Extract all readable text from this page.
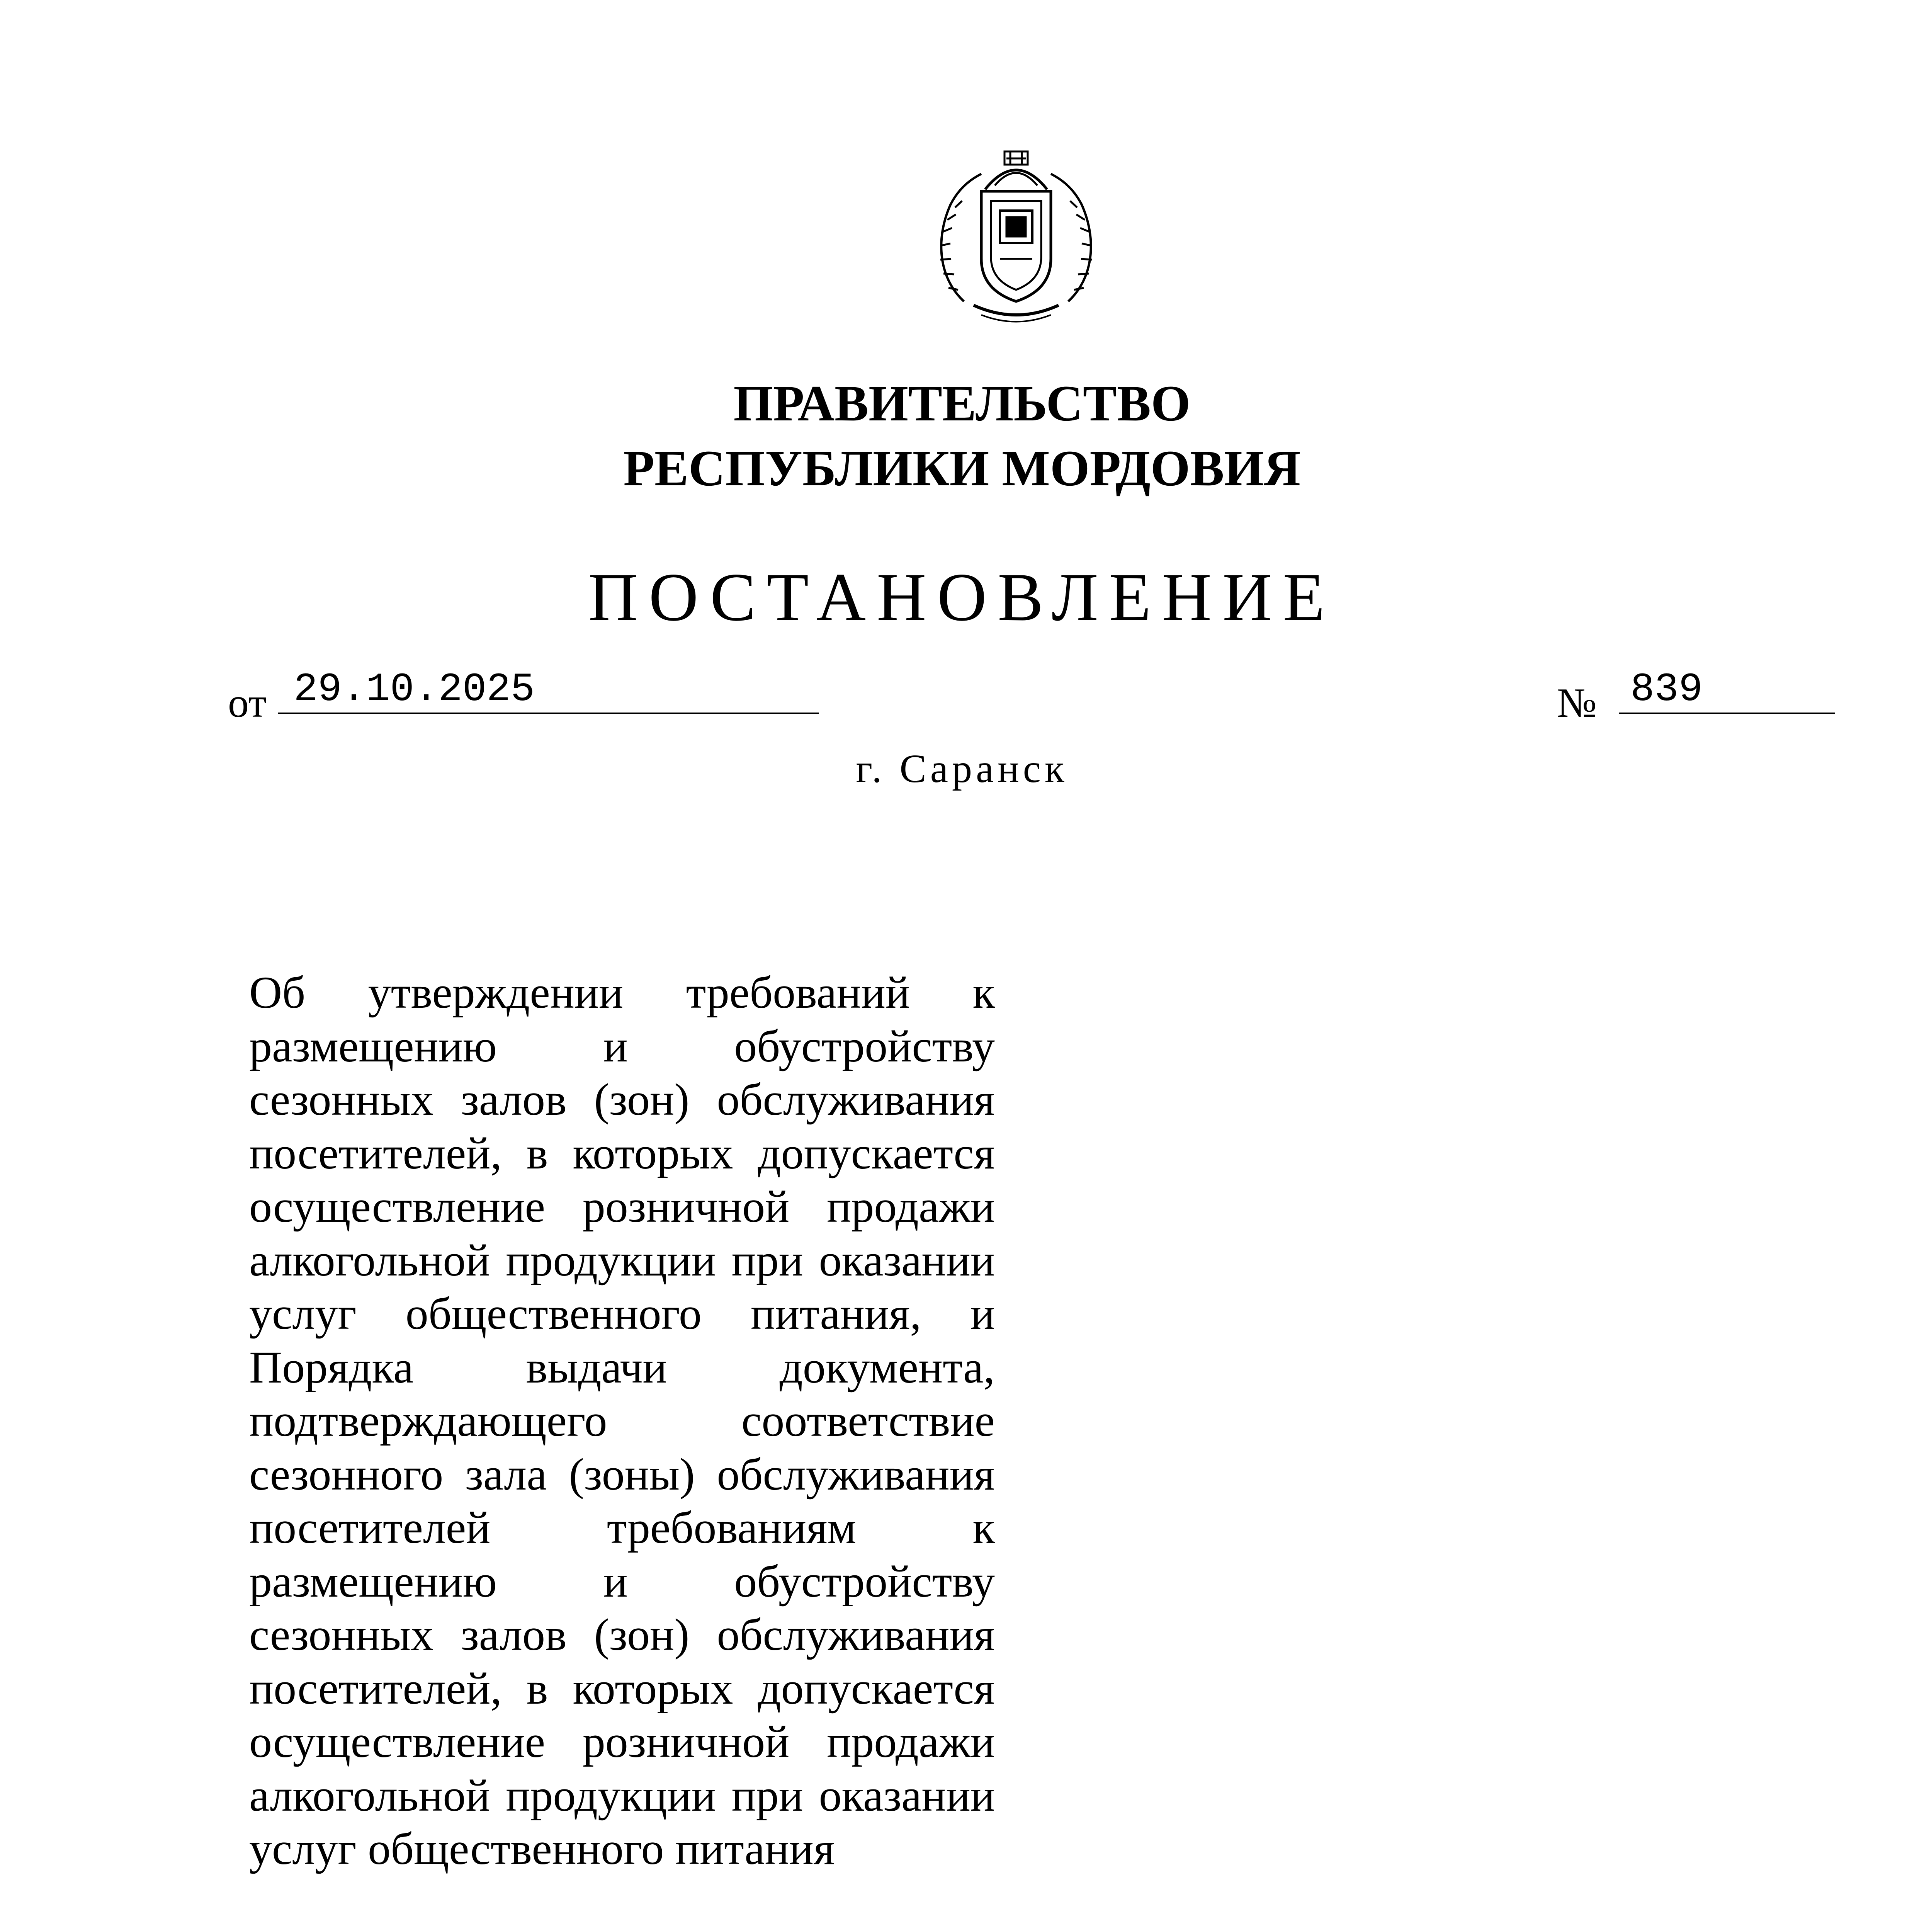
ПРАВИТЕЛЬСТВО
РЕСПУБЛИКИ МОРДОВИЯ
ПОСТАНОВЛЕНИЕ
от 29.10.2025	№ 839
г. Саранск
Об утверждении требований к
размещению и обустройству
сезонных залов (зон) обслуживания
посетителей, в которых допускается
осуществление розничной продажи
алкогольной продукции при оказании
услуг общественного питания, и
Порядка выдачи документа,
подтверждающего соответствие
сезонного зала (зоны) обслуживания
посетителей требованиям к
размещению и обустройству
сезонных залов (зон) обслуживания
посетителей, в которых допускается
осуществление розничной продажи
алкогольной продукции при оказании
услуг общественного питания
